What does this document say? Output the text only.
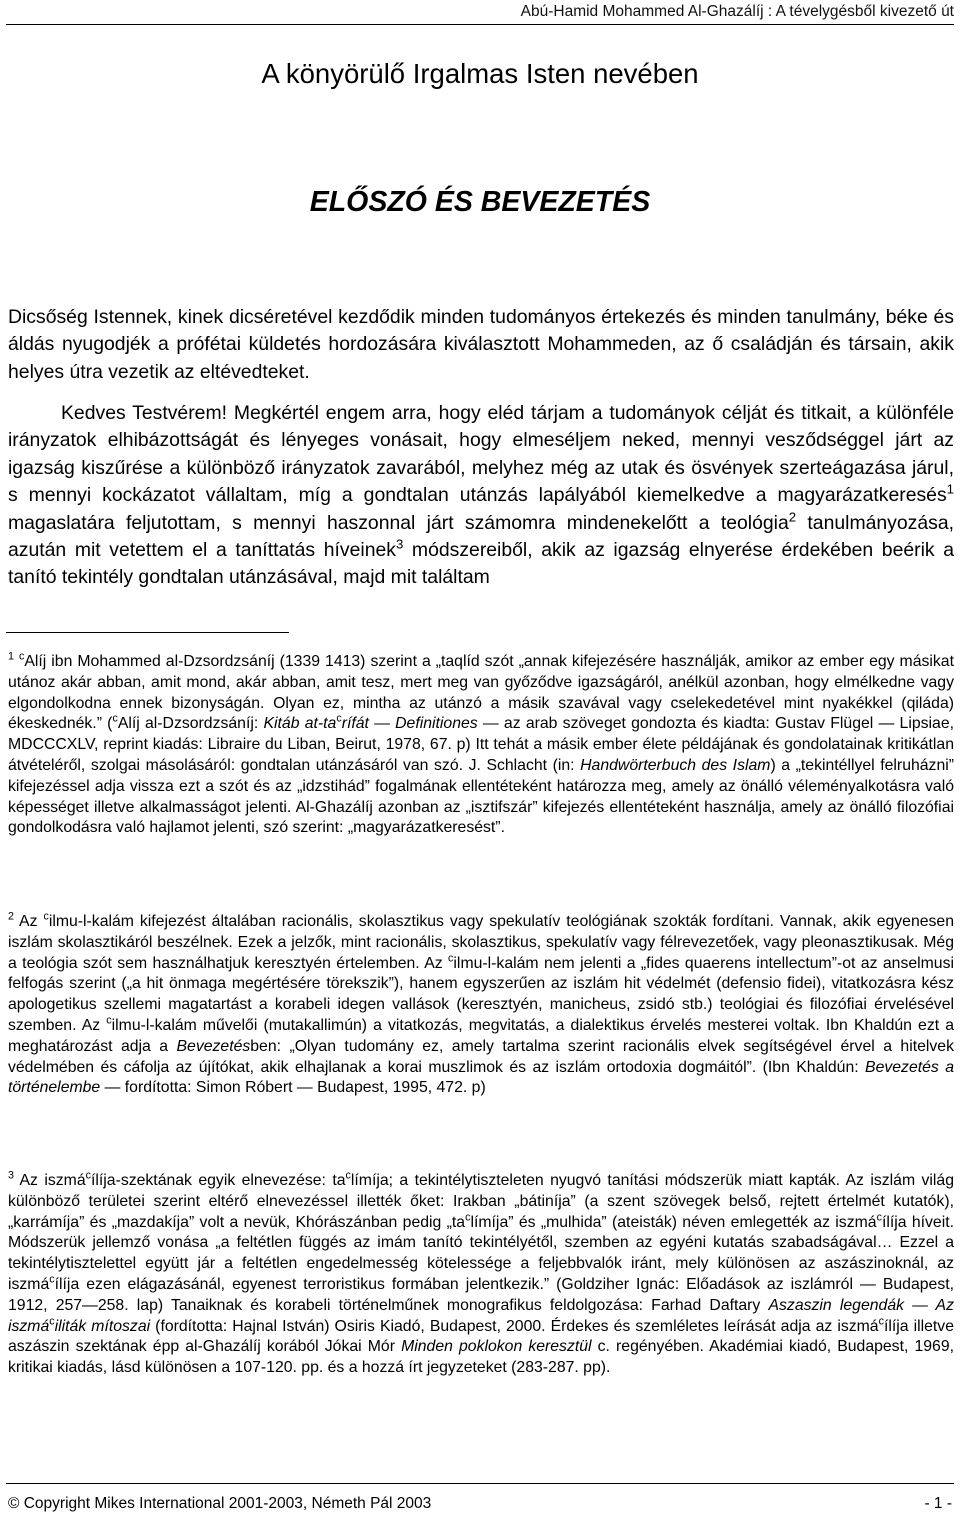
Abú-Hamid Mohammed Al-Ghazálíj : A tévelygésből kivezető út
A könyörülő Irgalmas Isten nevében
ELŐSZÓ ÉS BEVEZETÉS
Dicsőség Istennek, kinek dicséretével kezdődik minden tudományos értekezés és minden tanulmány, béke és áldás nyugodjék a prófétai küldetés hordozására kiválasztott Mohammeden, az ő családján és társain, akik helyes útra vezetik az eltévedteket.
Kedves Testvérem! Megkértél engem arra, hogy eléd tárjam a tudományok célját és titkait, a különféle irányzatok elhibázottságát és lényeges vonásait, hogy elmeséljem neked, mennyi vesződséggel járt az igazság kiszűrése a különböző irányzatok zavarából, melyhez még az utak és ösvények szerteágazása járul, s mennyi kockázatot vállaltam, míg a gondtalan utánzás lapályából kiemelkedve a magyarázatkeresés$^1$ magaslatára feljutottam, s mennyi haszonnal járt számomra mindenekelőtt a teológia$^2$ tanulmányozása, azután mit vetettem el a taníttatás híveinek$^3$ módszereiből, akik az igazság elnyerése érdekében beérik a tanító tekintély gondtalan utánzásával, majd mit találtam
$^1$ $^c$Alíj ibn Mohammed al-Dzsordzsáníj (1339 1413) szerint a „taqlíd szót „annak kifejezésére használják, amikor az ember egy másikat utánoz akár abban, amit mond, akár abban, amit tesz, mert meg van győződve igazságáról, anélkül azonban, hogy elmélkedne vagy elgondolkodna ennek bizonyságán. Olyan ez, mintha az utánzó a másik szavával vagy cselekedetével mint nyakékkel (qiláda) ékeskednék.” ($^c$Alíj al-Dzsordzsáníj: Kitáb $at-ta^crífát$ — Definitiones — az arab szöveget gondozta és kiadta: Gustav Flügel — Lipsiae, MDCCCXLV, reprint kiadás: Libraire du Liban, Beirut, 1978, 67. p) Itt tehát a másik ember élete példájának és gondolatainak kritikátlan átvételéről, szolgai másolásáról: gondtalan utánzásáról van szó. J. Schlacht (in: Handwörterbuch des Islam) a „tekintéllyel felruházni” kifejezéssel adja vissza ezt a szót és az „idzstihád” fogalmának ellentéteként határozza meg, amely az önálló véleményalkotásra való képességet illetve alkalmasságot jelenti. Al-Ghazálíj azonban az „isztifszár” kifejezés ellentéteként használja, amely az önálló filozófiai gondolkodásra való hajlamot jelenti, szó szerint: „magyarázatkeresést”.
$^2$ Az $^c$ilmu-l-kalám kifejezést általában racionális, skolasztikus vagy spekulatív teológiának szokták fordítani. Vannak, akik egyenesen iszlám skolasztikáról beszélnek. Ezek a jelzők, mint racionális, skolasztikus, spekulatív vagy félrevezetőek, vagy pleonasztikusak. Még a teológia szót sem használhatjuk keresztyén értelemben. Az $^c$ilmu-l-kalám nem jelenti a „fides quaerens intellectum”-ot az anselmusi felfogás szerint („a hit önmaga megértésére törekszik”), hanem egyszerűen az iszlám hit védelmét (defensio fidei), vitatkozásra kész apologetikus szellemi magatartást a korabeli idegen vallások (keresztyén, manicheus, zsidó stb.) teológiai és filozófiai érvelésével szemben. Az $^c$ilmu-l-kalám művelői (mutakallimún) a vitatkozás, megvitatás, a dialektikus érvelés mesterei voltak. Ibn Khaldún ezt a meghatározást adja a Bevezetésben: „Olyan tudomány ez, amely tartalma szerint racionális elvek segítségével érvel a hitelvek védelmében és cáfolja az újítókat, akik elhajlanak a korai muszlimok és az iszlám ortodoxia dogmáitól”. (Ibn Khaldún: Bevezetés a történelembe — fordította: Simon Róbert — Budapest, 1995, 472. p)
$^3$ Az iszmá$^c$ílíja-szektának egyik elnevezése: $ta^clímíja$; a tekintélytiszteleten nyugvó tanítási módszerük miatt kapták. Az iszlám világ különböző területei szerint eltérő elnevezéssel illették őket: Irakban „bátiníja” (a szent szövegek belső, rejtett értelmét kutatók), „karrámíja” és „mazdakíja” volt a nevük, Khórászánban pedig $„ta^clímíja$” és „mulhida” (ateisták) néven emlegették az iszmá$^c$ílíja híveit. Módszerük jellemző vonása „a feltétlen függés az imám tanító tekintélyétől, szemben az egyéni kutatás szabadságával… Ezzel a tekintélytisztelettel együtt jár a feltétlen engedelmesség kötelessége a feljebbvalók iránt, mely különösen az aszászinoknál, az iszmá$^c$ílíja ezen elágazásánál, egyenest terroristikus formában jelentkezik.” (Goldziher Ignác: Előadások az iszlámról — Budapest, 1912, 257—258. lap) Tanaiknak és korabeli történelműnek monografikus feldolgozása: Farhad Daftary Aszaszin legendák — Az iszmá$^c$iliták mítoszai (fordította: Hajnal István) Osiris Kiadó, Budapest, 2000. Érdekes és szemléletes leírását adja az iszmá$^c$ílíja illetve aszászin szektának épp al-Ghazálíj korából Jókai Mór Minden poklokon keresztül c. regényében. Akadémiai kiadó, Budapest, 1969, kritikai kiadás, lásd különösen a 107-120. pp. és a hozzá írt jegyzeteket (283-287. pp).
© Copyright Mikes International 2001-2003, Németh Pál 2003	- 1 -
